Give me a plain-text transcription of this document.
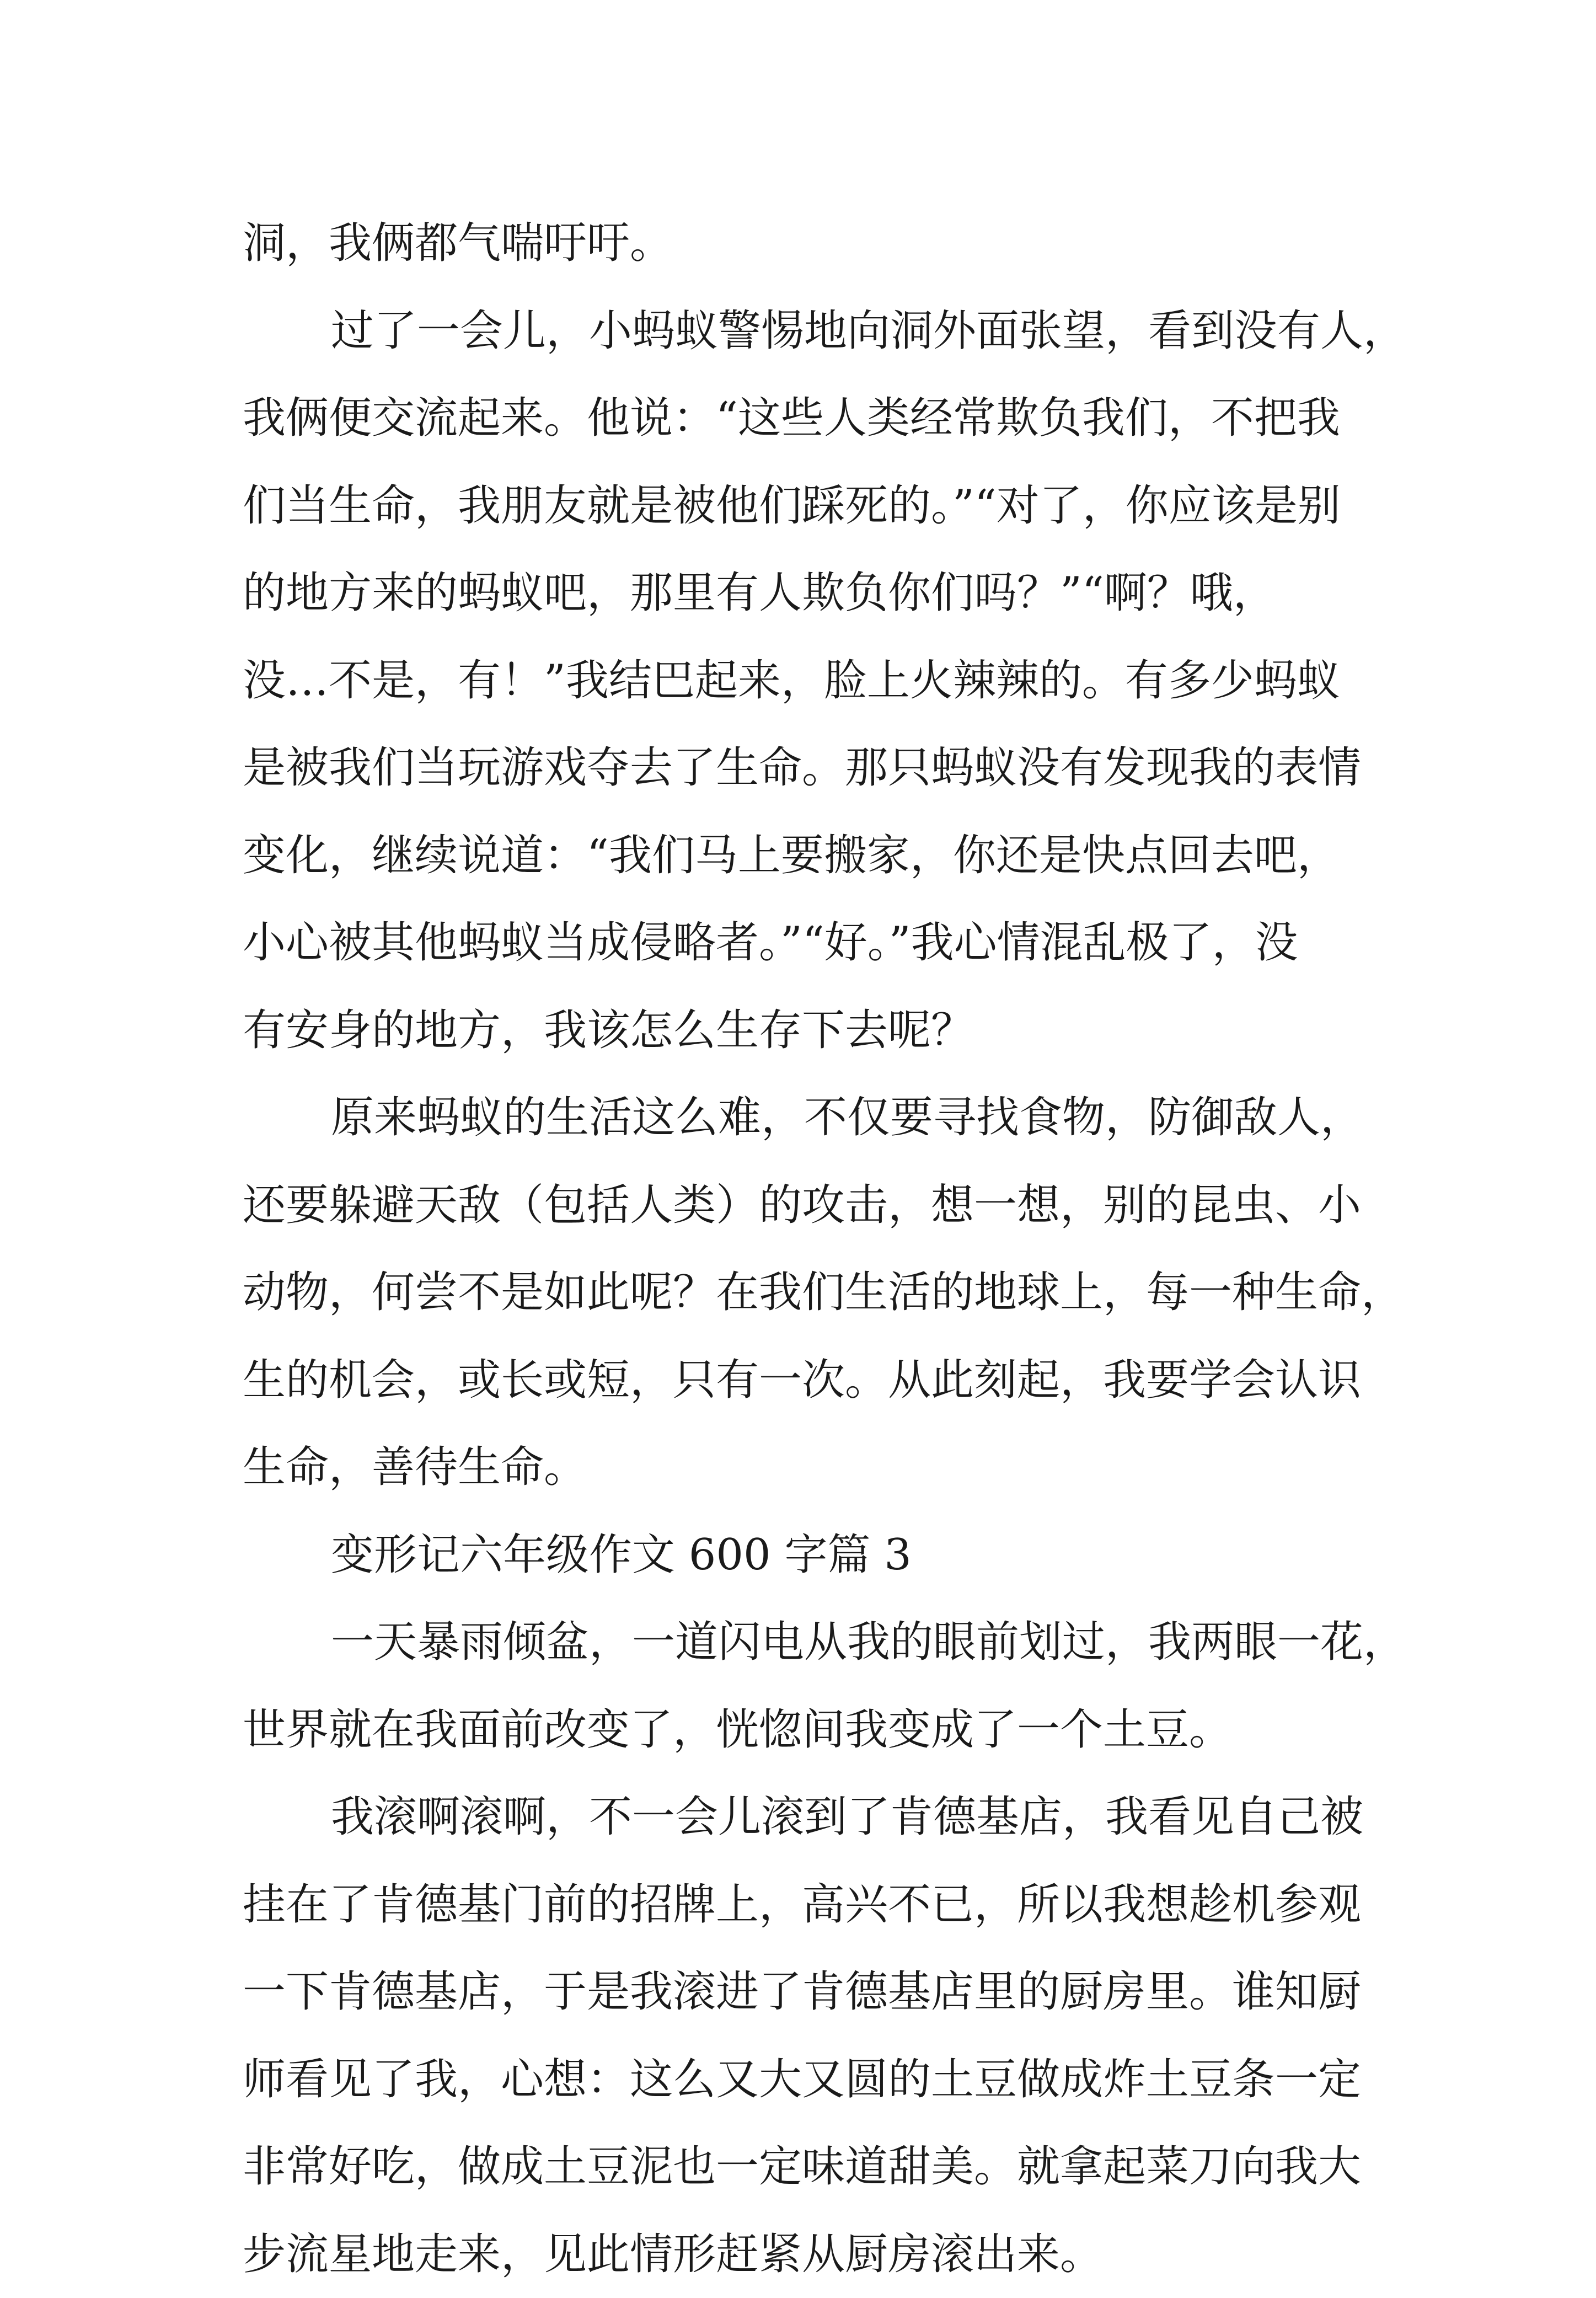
洞，我俩都气喘吁吁。
过了一会儿，小蚂蚁警惕地向洞外面张望，看到没有人，
我俩便交流起来。他说：“这些人类经常欺负我们，不把我
们当生命，我朋友就是被他们踩死的。”“对了，你应该是别
的地方来的蚂蚁吧，那里有人欺负你们吗？”“啊？哦，
没…不是，有！”我结巴起来，脸上火辣辣的。有多少蚂蚁
是被我们当玩游戏夺去了生命。那只蚂蚁没有发现我的表情
变化，继续说道：“我们马上要搬家，你还是快点回去吧，
小心被其他蚂蚁当成侵略者。”“好。”我心情混乱极了，没
有安身的地方，我该怎么生存下去呢？
原来蚂蚁的生活这么难，不仅要寻找食物，防御敌人，
还要躲避天敌（包括人类）的攻击，想一想，别的昆虫、小
动物，何尝不是如此呢？在我们生活的地球上，每一种生命，
生的机会，或长或短，只有一次。从此刻起，我要学会认识
生命，善待生命。
变形记六年级作文 600 字篇 3
一天暴雨倾盆，一道闪电从我的眼前划过，我两眼一花，
世界就在我面前改变了，恍惚间我变成了一个土豆。
我滚啊滚啊，不一会儿滚到了肯德基店，我看见自己被
挂在了肯德基门前的招牌上，高兴不已，所以我想趁机参观
一下肯德基店，于是我滚进了肯德基店里的厨房里。谁知厨
师看见了我，心想：这么又大又圆的土豆做成炸土豆条一定
非常好吃，做成土豆泥也一定味道甜美。就拿起菜刀向我大
步流星地走来，见此情形赶紧从厨房滚出来。
